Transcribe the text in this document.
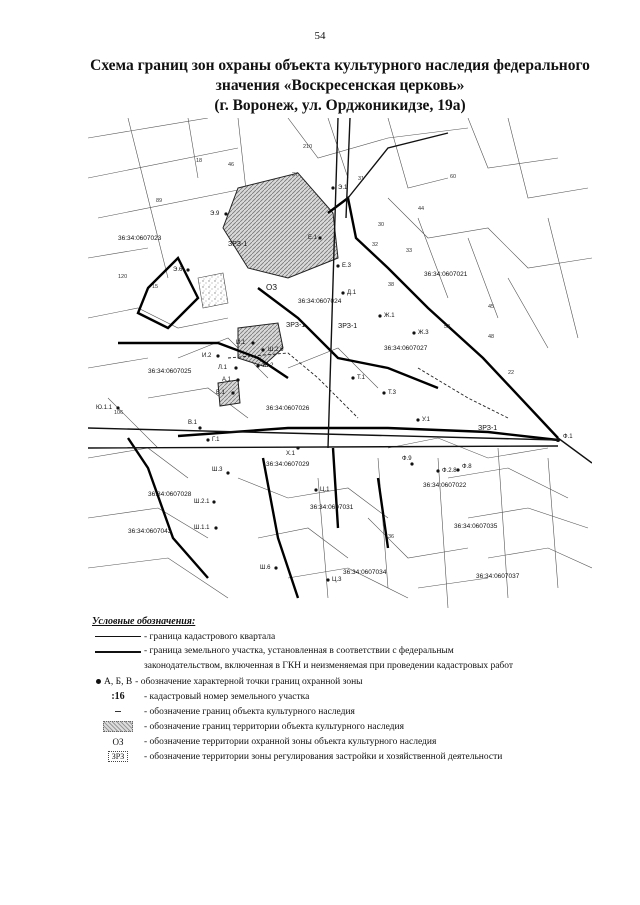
54
Схема границ зон охраны объекта культурного наследия федерального
значения «Воскресенская церковь»
(г. Воронеж, ул. Орджоникидзе, 19а)
36:34:0607023
36:34:0607024
36:34:0607021
36:34:0607025
36:34:0607026
36:34:0607027
36:34:0607029
36:34:0607028
36:34:0607043
36:34:0607031
36:34:0607022
36:34:0607035
36:34:0607034
36:34:0607037
ОЗ
ЗРЗ-1
ЗРЗ-1	ЗРЗ-1
ЗРЗ-1
Э.1
Э.9
Э.6
Е.1
Е.3
Д.1
Ж.1
Ж.3
И.1
И.2
Ш.2.6
Ш.2
Л.1
А.1
Б.1
В.1
Г.1
Т.1
Т.3
У.1
Х.1
Ц.1
Ц.3
Ш.3
Ш.2.1
Ш.1.1
Ю.1.1
Ф.2.8
Ф.9
Ф.8
Ф.1
Ш.6
210
89
31
32
44
60
38
106
33
30
27
18
120
15
46
52
48
22
36
45
Условные обозначения:
- граница кадастрового квартала
- граница земельного участка, установленная в соответствии с федеральным
законодательством, включенная в ГКН и неизменяемая при проведении кадастровых работ
А, Б, В - обозначение характерной точки границ охранной зоны
:16 - кадастровый номер земельного участка
- обозначение границ объекта культурного наследия
- обозначение границ территории объекта культурного наследия
ОЗ - обозначение территории охранной зоны объекта культурного наследия
ЗРЗ	- обозначение территории зоны регулирования застройки и хозяйственной деятельности
